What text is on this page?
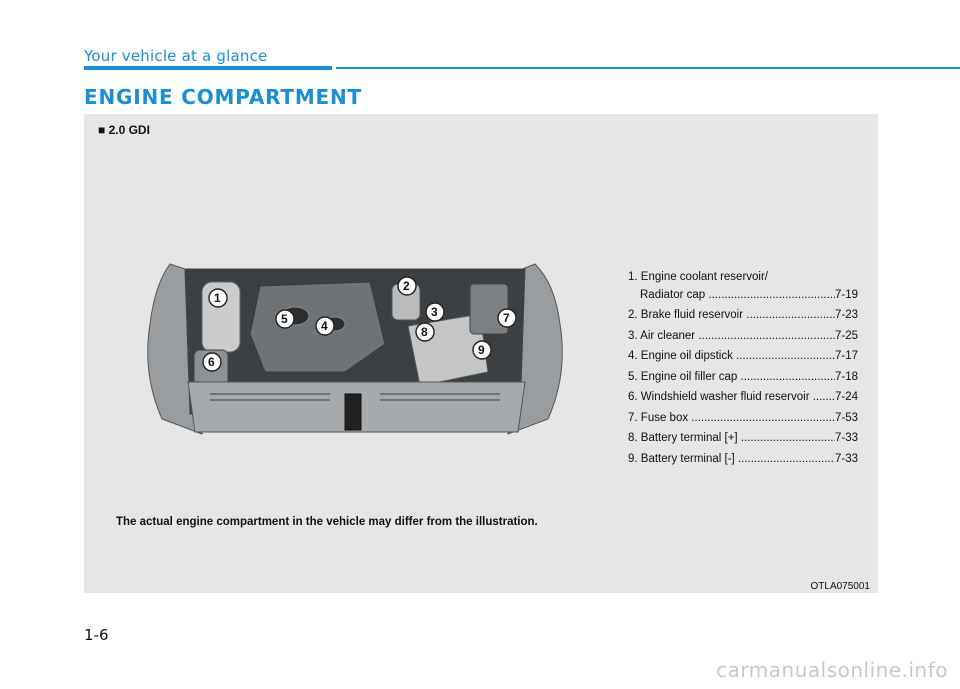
Your vehicle at a glance
ENGINE COMPARTMENT
■ 2.0 GDI
1
2
3
4
5
6
7
8
9
1. Engine coolant reservoir/
Radiator cap .....	7-19
2. Brake fluid reservoir .....	7-23
3. Air cleaner .....	7-25
4. Engine oil dipstick .....	7-17
5. Engine oil filler cap .....	7-18
6. Windshield washer fluid reservoir .....	7-24
7. Fuse box .....	7-53
8. Battery terminal [+] .....	7-33
9. Battery terminal [-] .....	7-33
The actual engine compartment in the vehicle may differ from the illustration.
OTLA075001
1-6
carmanualsonline.info
